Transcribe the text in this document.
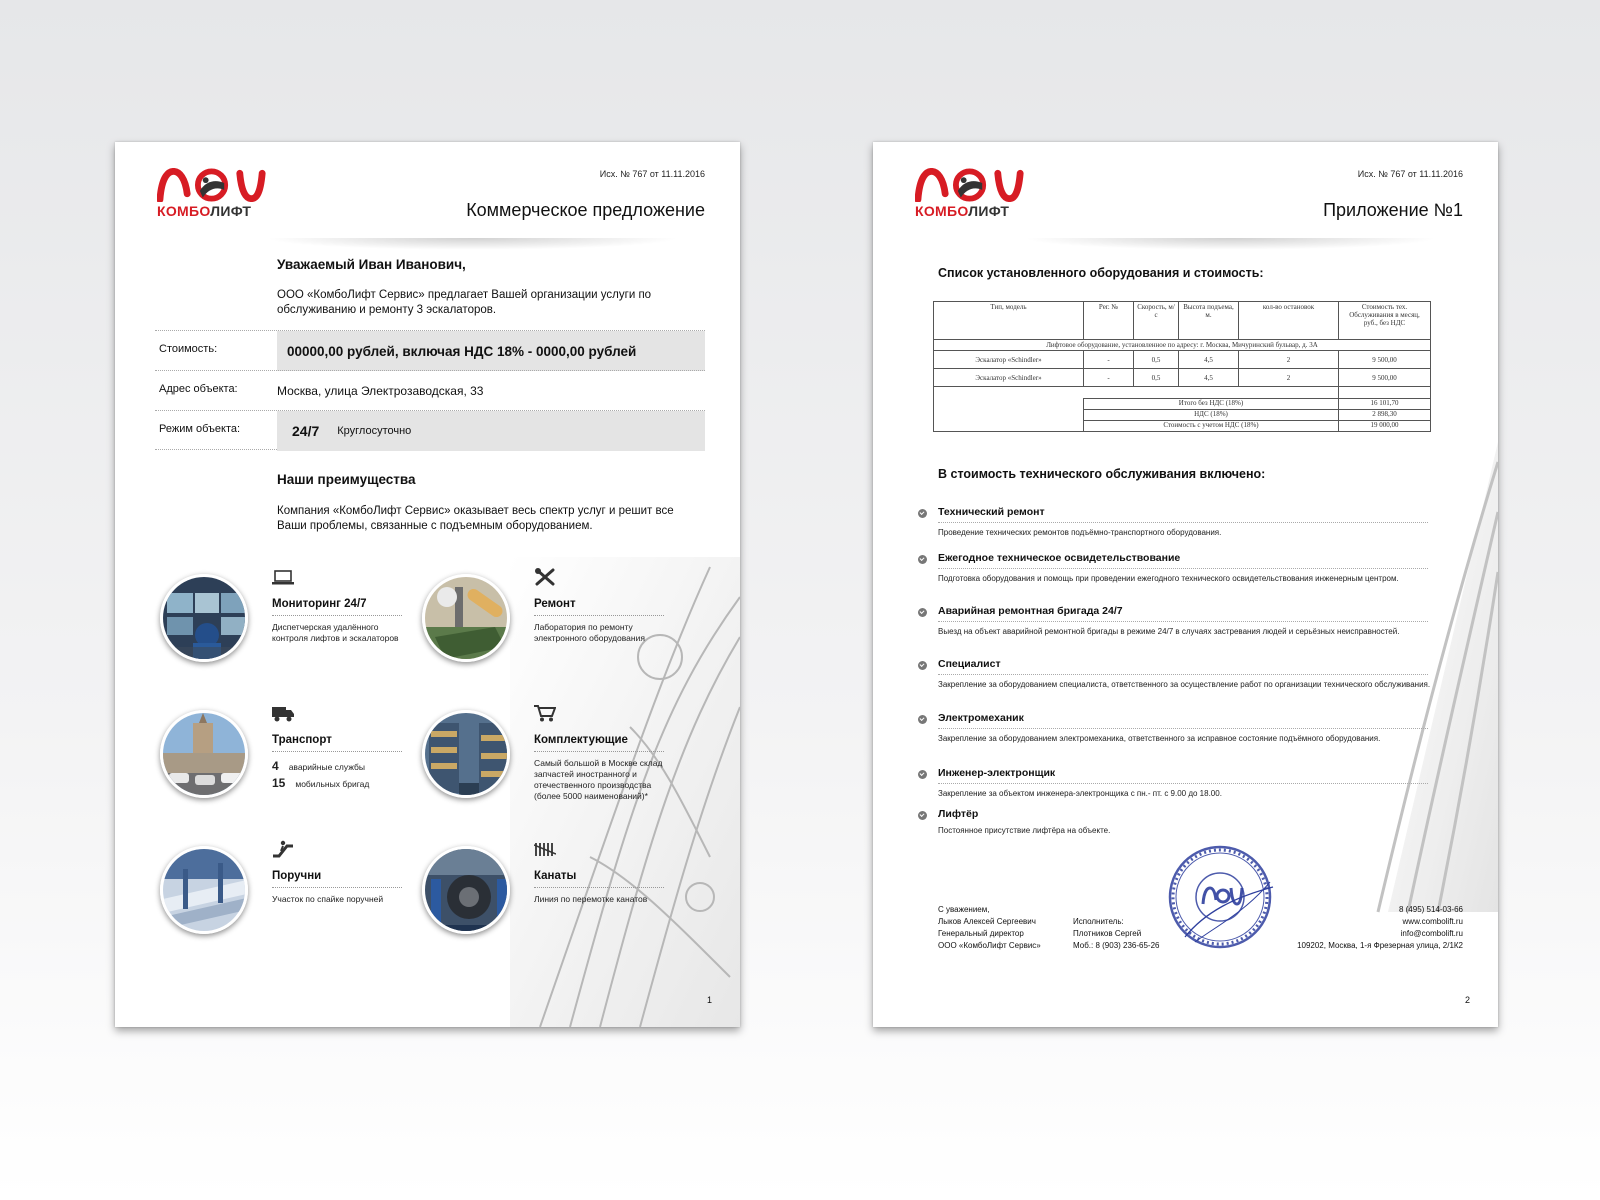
КОМБОЛИФТ
Исх. № 767 от 11.11.2016
Коммерческое предложение
Уважаемый Иван Иванович,
ООО «КомбоЛифт Сервис» предлагает Вашей организации услуги по обслуживанию и ремонту 3 эскалаторов.
Стоимость:	00000,00 рублей, включая НДС 18% - 0000,00 рублей
Адрес объекта:	Москва, улица Электрозаводская, 33
Режим объекта:	24/7 Круглосуточно
Наши преимущества
Компания «КомбоЛифт Сервис» оказывает весь спектр услуг и решит все Ваши проблемы, связанные с подъемным оборудованием.
Мониторинг 24/7
Диспетчерская удалённого контроля лифтов и эскалаторов
Ремонт
Лаборатория по ремонту электронного оборудования
Транспорт
4 аварийные службы
15 мобильных бригад
Комплектующие
Самый большой в Москве склад запчастей иностранного и отечественного производства (более 5000 наименований)*
Поручни
Участок по спайке поручней
Канаты
Линия по перемотке канатов
1
КОМБОЛИФТ
Исх. № 767 от 11.11.2016
Приложение №1
Список установленного оборудования и стоимость:
Тип, модель	Рег. №	Скорость, м/с	Высота подъема, м.	кол-во остановок	Стоимость тех. Обслуживания в месяц, руб., без НДС
Лифтовое оборудование, установленное по адресу: г. Москва, Мичуринский бульвар, д. 3А					
Эскалатор «Schindler»	-	0,5	4,5	2	9 500,00
Эскалатор «Schindler»	-	0,5	4,5	2	9 500,00

	Итого без НДС (18%)				16 101,70
	НДС (18%)				2 898,30
	Стоимость с учетом НДС (18%)				19 000,00
В стоимость технического обслуживания включено:
Технический ремонт
Проведение технических ремонтов подъёмно-транспортного оборудования.
Ежегодное техническое освидетельствование
Подготовка оборудования и помощь при проведении ежегодного технического освидетельствования инженерным центром.
Аварийная ремонтная бригада 24/7
Выезд на объект аварийной ремонтной бригады в режиме 24/7 в случаях застревания людей и серьёзных неисправностей.
Специалист
Закрепление за оборудованием специалиста, ответственного за осуществление работ по организации технического обслуживания.
Электромеханик
Закрепление за оборудованием электромеханика, ответственного за исправное состояние подъёмного оборудования.
Инженер-электронщик
Закрепление за объектом инженера-электронщика с пн.- пт. с 9.00 до 18.00.
Лифтёр
Постоянное присутствие лифтёра на объекте.
С уважением,
Лыков Алексей Сергеевич
Генеральный директор
ООО «КомбоЛифт Сервис»
Исполнитель:
Плотников Сергей
Моб.: 8 (903) 236-65-26
8 (495) 514-03-66
www.combolift.ru
info@combolift.ru
109202, Москва, 1-я Фрезерная улица, 2/1К2
2
